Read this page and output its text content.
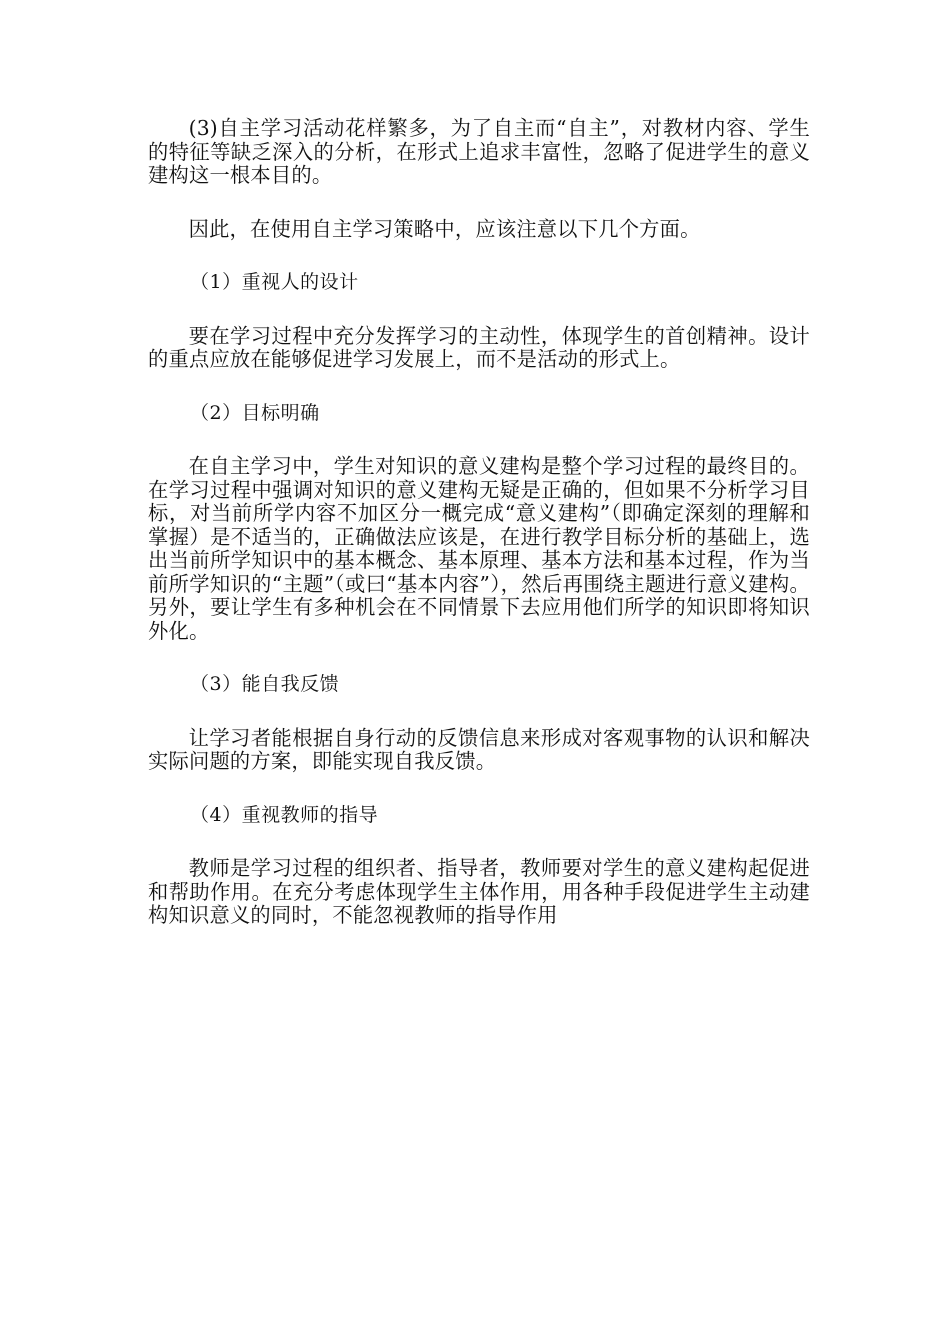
(3)自主学习活动花样繁多，为了自主而“自主”，对教材内容、学生的特征等缺乏深入的分析，在形式上追求丰富性，忽略了促进学生的意义建构这一根本目的。

因此，在使用自主学习策略中，应该注意以下几个方面。

（1）重视人的设计

要在学习过程中充分发挥学习的主动性，体现学生的首创精神。设计的重点应放在能够促进学习发展上，而不是活动的形式上。

（2）目标明确

在自主学习中，学生对知识的意义建构是整个学习过程的最终目的。在学习过程中强调对知识的意义建构无疑是正确的，但如果不分析学习目标，对当前所学内容不加区分一概完成“意义建构”（即确定深刻的理解和掌握）是不适当的，正确做法应该是，在进行教学目标分析的基础上，选出当前所学知识中的基本概念、基本原理、基本方法和基本过程，作为当前所学知识的“主题”（或曰“基本内容”），然后再围绕主题进行意义建构。另外，要让学生有多种机会在不同情景下去应用他们所学的知识即将知识外化。

（3）能自我反馈

让学习者能根据自身行动的反馈信息来形成对客观事物的认识和解决实际问题的方案，即能实现自我反馈。

（4）重视教师的指导

教师是学习过程的组织者、指导者，教师要对学生的意义建构起促进和帮助作用。在充分考虑体现学生主体作用，用各种手段促进学生主动建构知识意义的同时，不能忽视教师的指导作用
